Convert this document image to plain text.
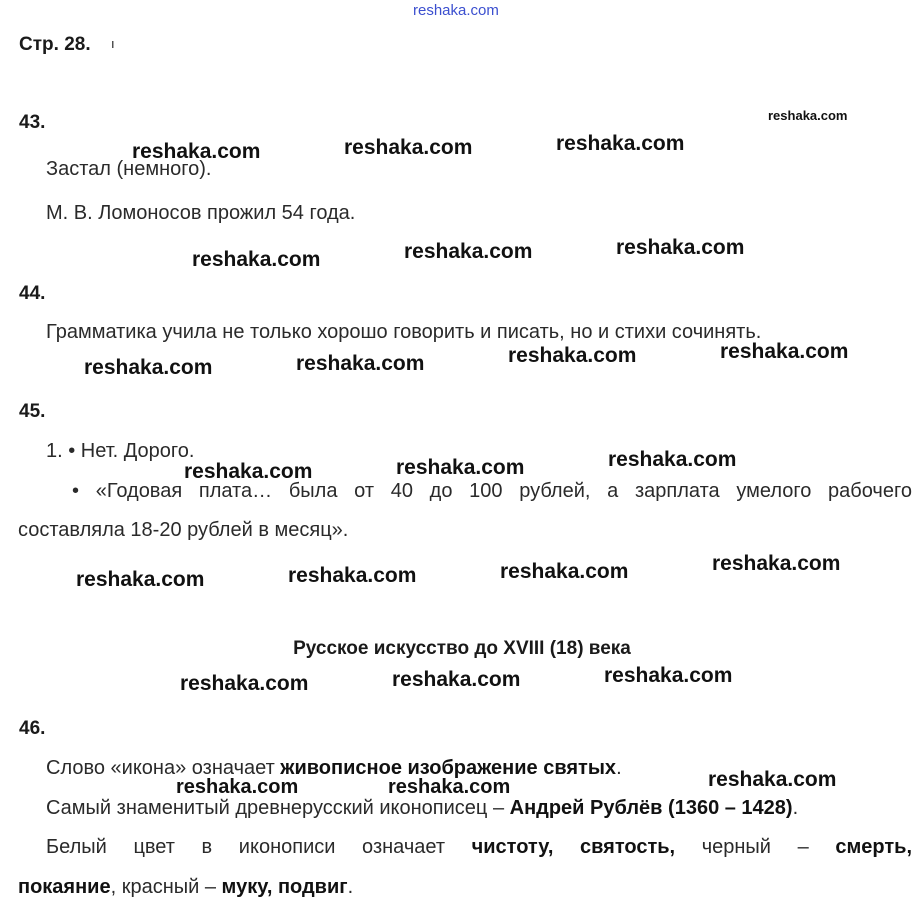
reshaka.com
Стр. 28. ı
43.
Застал (немного).
М. В. Ломоносов прожил 54 года.
44.
Грамматика учила не только хорошо говорить и писать, но и стихи сочинять.
45.
1. • Нет. Дорого.
• «Годовая плата… была от 40 до 100 рублей, а зарплата умелого рабочего
составляла 18-20 рублей в месяц».
Русское искусство до XVIII (18) века
46.
Слово «икона» означает живописное изображение святых.
Самый знаменитый древнерусский иконописец – Андрей Рублёв (1360 – 1428).
Белый цвет в иконописи означает чистоту, святость, черный – смерть,
покаяние, красный – муку, подвиг.
reshaka.com
reshaka.com	reshaka.com	reshaka.com
reshaka.com	reshaka.com	reshaka.com
reshaka.com	reshaka.com	reshaka.com	reshaka.com
reshaka.com	reshaka.com	reshaka.com
reshaka.com	reshaka.com	reshaka.com	reshaka.com
reshaka.com	reshaka.com	reshaka.com
reshaka.com	reshaka.com	reshaka.com
